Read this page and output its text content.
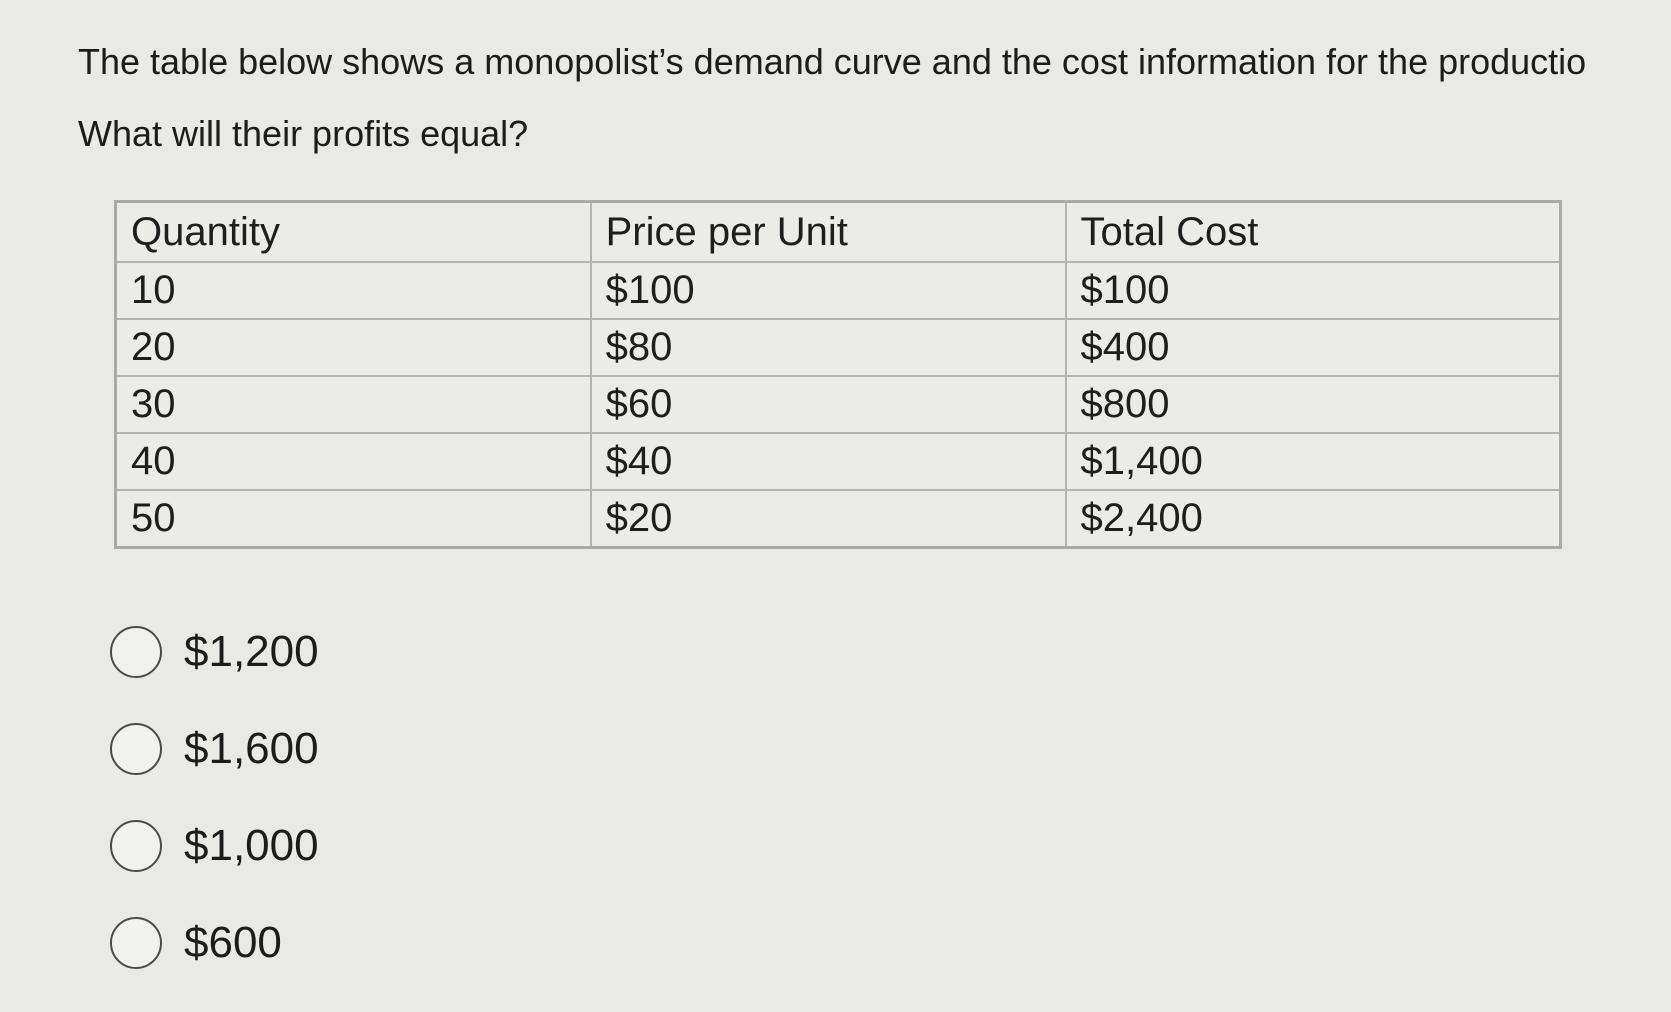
The table below shows a monopolist’s demand curve and the cost information for the productio
What will their profits equal?
Quantity	Price per Unit	Total Cost
10	$100	$100
20	$80	$400
30	$60	$800
40	$40	$1,400
50	$20	$2,400
$1,200
$1,600
$1,000
$600
